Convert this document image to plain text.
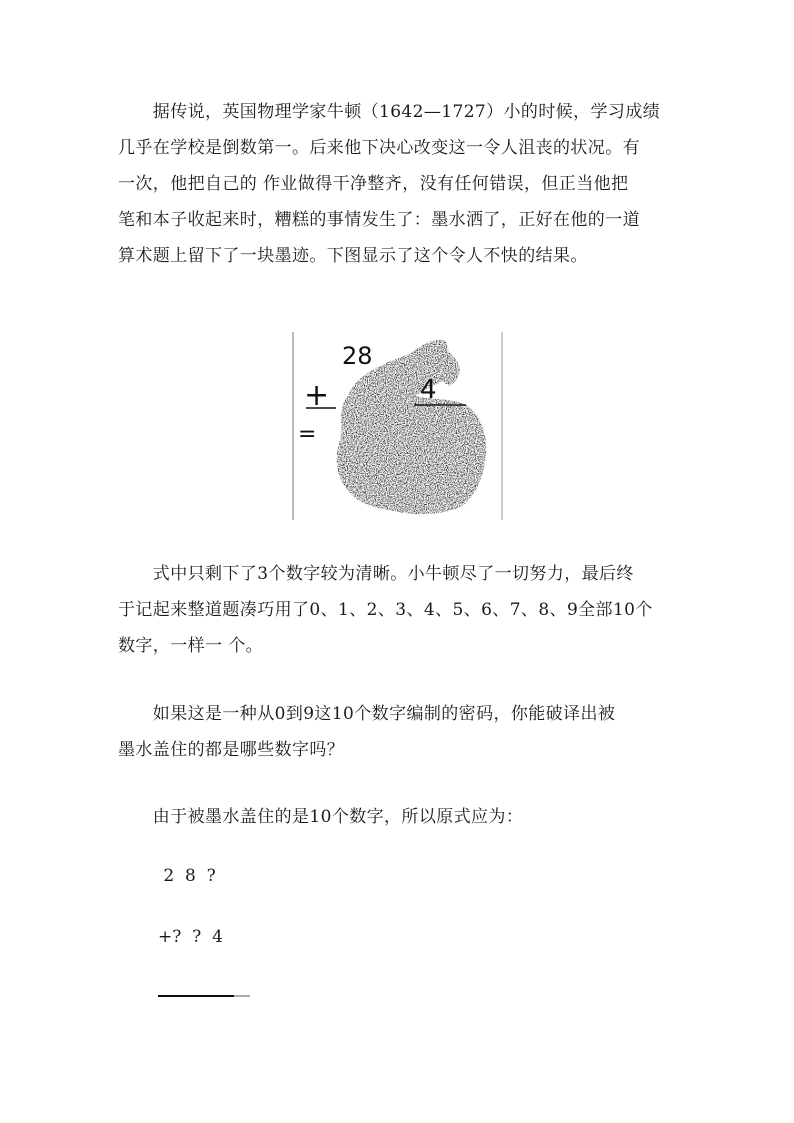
　　据传说，英国物理学家牛顿（1642—1727）小的时候，学习成绩
几乎在学校是倒数第一。后来他下决心改变这一令人沮丧的状况。有
一次，他把自己的 作业做得干净整齐，没有任何错误，但正当他把
笔和本子收起来时，糟糕的事情发生了：墨水洒了，正好在他的一道
算术题上留下了一块墨迹。下图显示了这个令人不快的结果。
28
+	4
=
　　式中只剩下了3个数字较为清晰。小牛顿尽了一切努力，最后终
于记起来整道题凑巧用了0、1、2、3、4、5、6、7、8、9全部10个
数字，一样一 个。
　　如果这是一种从0到9这10个数字编制的密码，你能破译出被
墨水盖住的都是哪些数字吗？
　　由于被墨水盖住的是10个数字，所以原式应为：
2  8  ?
+?  ?  4
